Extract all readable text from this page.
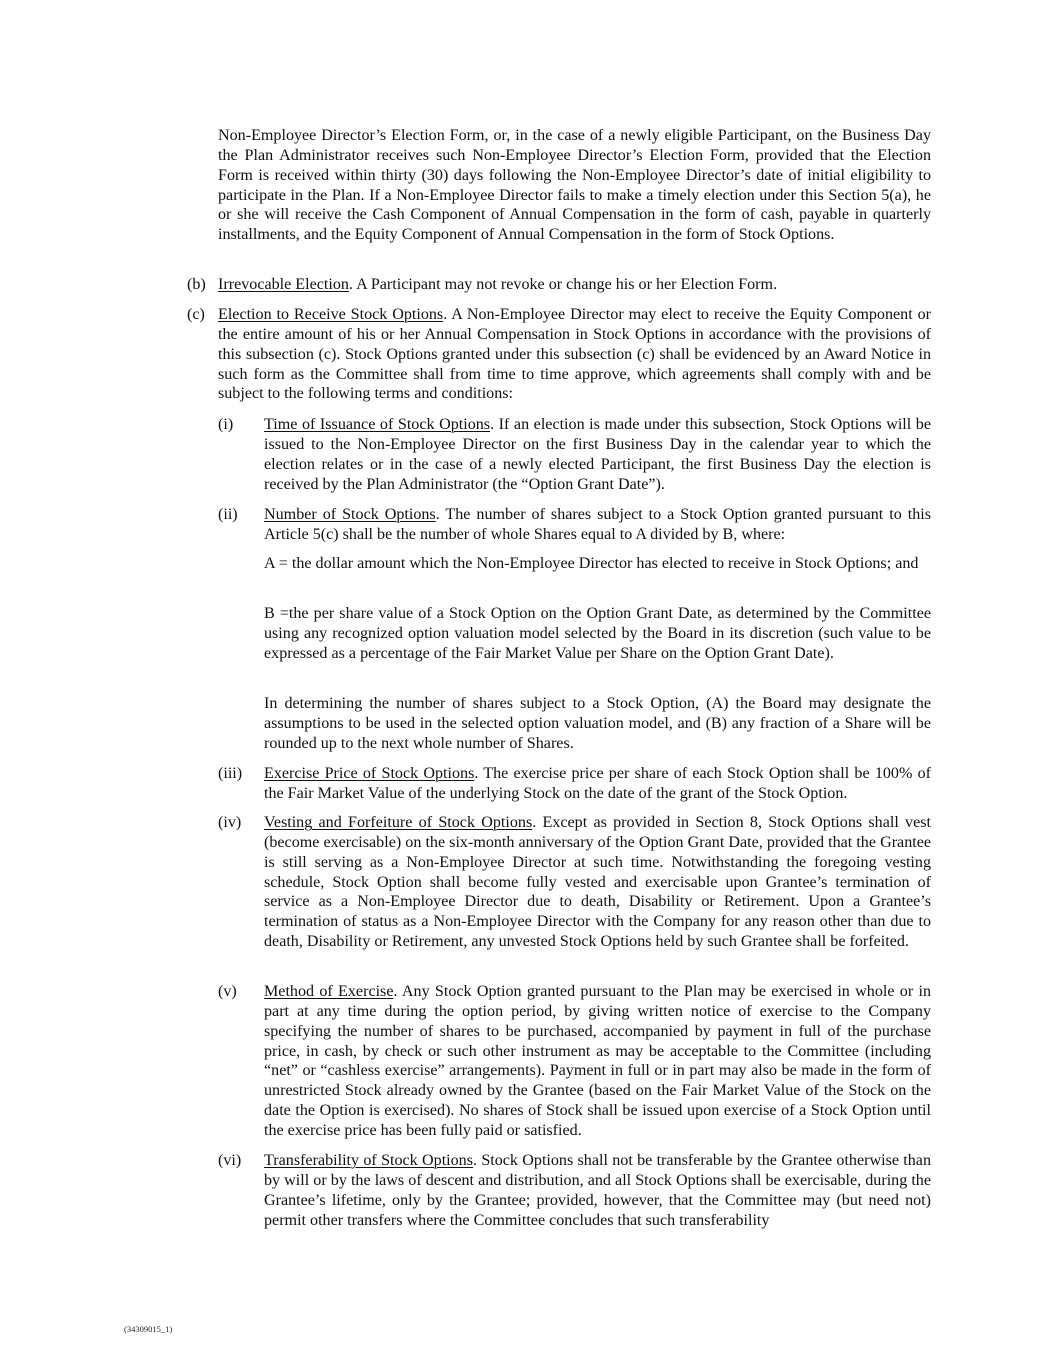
Non-Employee Director’s Election Form, or, in the case of a newly eligible Participant, on the Business Day the Plan Administrator receives such Non-Employee Director’s Election Form, provided that the Election Form is received within thirty (30) days following the Non-Employee Director’s date of initial eligibility to participate in the Plan. If a Non-Employee Director fails to make a timely election under this Section 5(a), he or she will receive the Cash Component of Annual Compensation in the form of cash, payable in quarterly installments, and the Equity Component of Annual Compensation in the form of Stock Options.

(b) Irrevocable Election. A Participant may not revoke or change his or her Election Form.

(c) Election to Receive Stock Options. A Non-Employee Director may elect to receive the Equity Component or the entire amount of his or her Annual Compensation in Stock Options in accordance with the provisions of this subsection (c). Stock Options granted under this subsection (c) shall be evidenced by an Award Notice in such form as the Committee shall from time to time approve, which agreements shall comply with and be subject to the following terms and conditions:

(i) Time of Issuance of Stock Options. If an election is made under this subsection, Stock Options will be issued to the Non-Employee Director on the first Business Day in the calendar year to which the election relates or in the case of a newly elected Participant, the first Business Day the election is received by the Plan Administrator (the “Option Grant Date”).

(ii) Number of Stock Options. The number of shares subject to a Stock Option granted pursuant to this Article 5(c) shall be the number of whole Shares equal to A divided by B, where:

A = the dollar amount which the Non-Employee Director has elected to receive in Stock Options; and

B =the per share value of a Stock Option on the Option Grant Date, as determined by the Committee using any recognized option valuation model selected by the Board in its discretion (such value to be expressed as a percentage of the Fair Market Value per Share on the Option Grant Date).

In determining the number of shares subject to a Stock Option, (A) the Board may designate the assumptions to be used in the selected option valuation model, and (B) any fraction of a Share will be rounded up to the next whole number of Shares.

(iii) Exercise Price of Stock Options. The exercise price per share of each Stock Option shall be 100% of the Fair Market Value of the underlying Stock on the date of the grant of the Stock Option.

(iv) Vesting and Forfeiture of Stock Options. Except as provided in Section 8, Stock Options shall vest (become exercisable) on the six-month anniversary of the Option Grant Date, provided that the Grantee is still serving as a Non-Employee Director at such time. Notwithstanding the foregoing vesting schedule, Stock Option shall become fully vested and exercisable upon Grantee’s termination of service as a Non-Employee Director due to death, Disability or Retirement. Upon a Grantee’s termination of status as a Non-Employee Director with the Company for any reason other than due to death, Disability or Retirement, any unvested Stock Options held by such Grantee shall be forfeited.

(v) Method of Exercise. Any Stock Option granted pursuant to the Plan may be exercised in whole or in part at any time during the option period, by giving written notice of exercise to the Company specifying the number of shares to be purchased, accompanied by payment in full of the purchase price, in cash, by check or such other instrument as may be acceptable to the Committee (including “net” or “cashless exercise” arrangements). Payment in full or in part may also be made in the form of unrestricted Stock already owned by the Grantee (based on the Fair Market Value of the Stock on the date the Option is exercised). No shares of Stock shall be issued upon exercise of a Stock Option until the exercise price has been fully paid or satisfied.

(vi) Transferability of Stock Options. Stock Options shall not be transferable by the Grantee otherwise than by will or by the laws of descent and distribution, and all Stock Options shall be exercisable, during the Grantee’s lifetime, only by the Grantee; provided, however, that the Committee may (but need not) permit other transfers where the Committee concludes that such transferability

(34309015_1)
